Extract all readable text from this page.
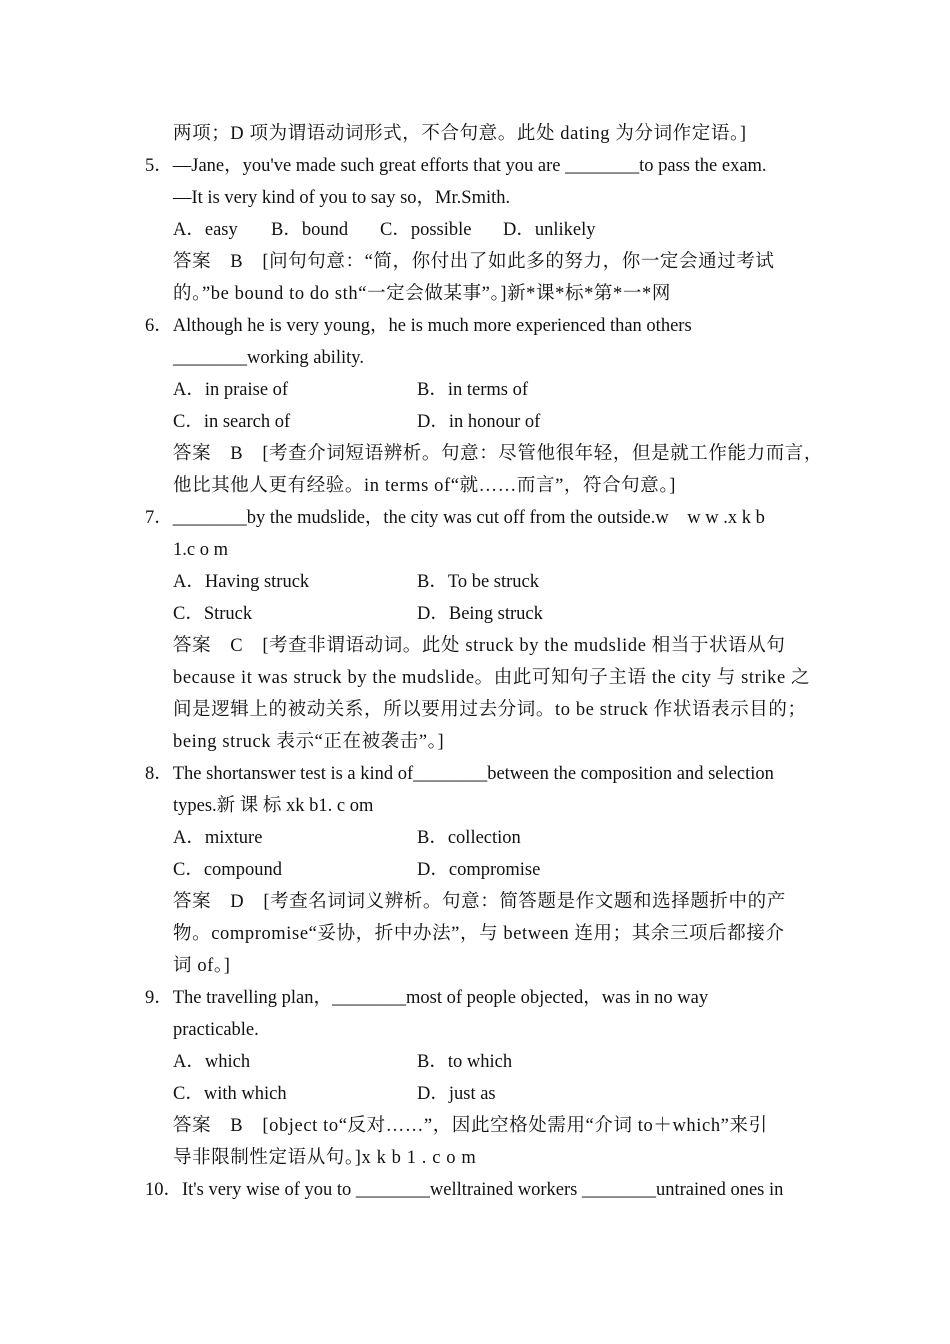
两项；D 项为谓语动词形式，不合句意。此处 dating 为分词作定语。]
5．—Jane，you've made such great efforts that you are ________to pass the exam.
—It is very kind of you to say so，Mr.Smith.
A．easy B．bound C．possible D．unlikely
答案　B　[问句句意：“简，你付出了如此多的努力，你一定会通过考试
的。”be bound to do sth“一定会做某事”。]新*课*标*第*一*网
6．Although he is very young，he is much more experienced than others
________working ability.
A．in praise of	B．in terms of
C．in search of	D．in honour of
答案　B　[考查介词短语辨析。句意：尽管他很年轻，但是就工作能力而言，
他比其他人更有经验。in terms of“就……而言”，符合句意。]
7．________by the mudslide，the city was cut off from the outside.w　w w .x k b
1.c o m
A．Having struck	B．To be struck
C．Struck	D．Being struck
答案　C　[考查非谓语动词。此处 struck by the mudslide 相当于状语从句
because it was struck by the mudslide。由此可知句子主语 the city 与 strike 之
间是逻辑上的被动关系，所以要用过去分词。to be struck 作状语表示目的；
being struck 表示“正在被袭击”。]
8．The shortanswer test is a kind of________between the composition and selection
types.新 课 标 xk b1. c om
A．mixture	B．collection
C．compound	D．compromise
答案　D　[考查名词词义辨析。句意：简答题是作文题和选择题折中的产
物。compromise“妥协，折中办法”，与 between 连用；其余三项后都接介
词 of。]
9．The travelling plan，________most of people objected，was in no way
practicable.
A．which	B．to which
C．with which	D．just as
答案　B　[object to“反对……”，因此空格处需用“介词 to＋which”来引
导非限制性定语从句。]x k b 1 . c o m
10．It's very wise of you to ________welltrained workers ________untrained ones in
